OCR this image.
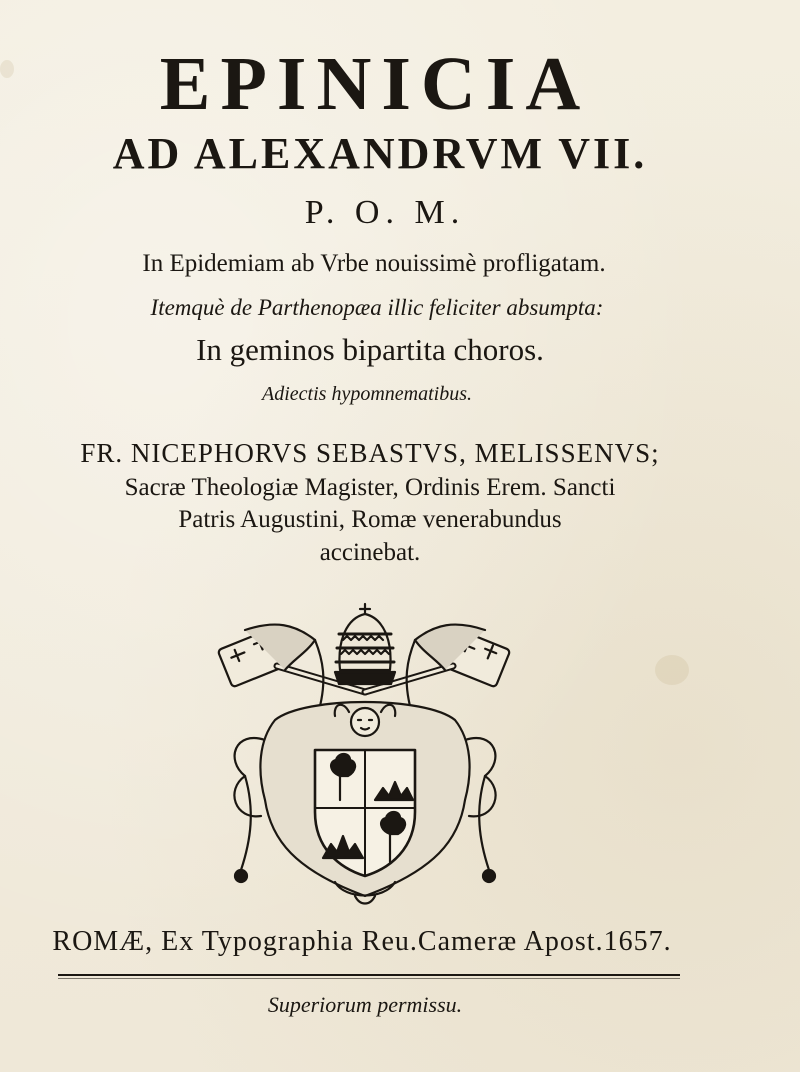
EPINICIA

AD ALEXANDRVM VII.

P. O. M.

In Epidemiam ab Vrbe nouissimè profligatam.

Itemquè de Parthenopæa illic feliciter absumpta:

In geminos bipartita choros.

Adiectis hypomnematibus.

FR. NICEPHORVS SEBASTVS, MELISSENVS;

Sacræ Theologiæ Magister, Ordinis Erem. Sancti

Patris Augustini, Romæ venerabundus

accinebat.

ROMÆ, Ex Typographia Reu.Cameræ Apost.1657.

Superiorum permissu.
